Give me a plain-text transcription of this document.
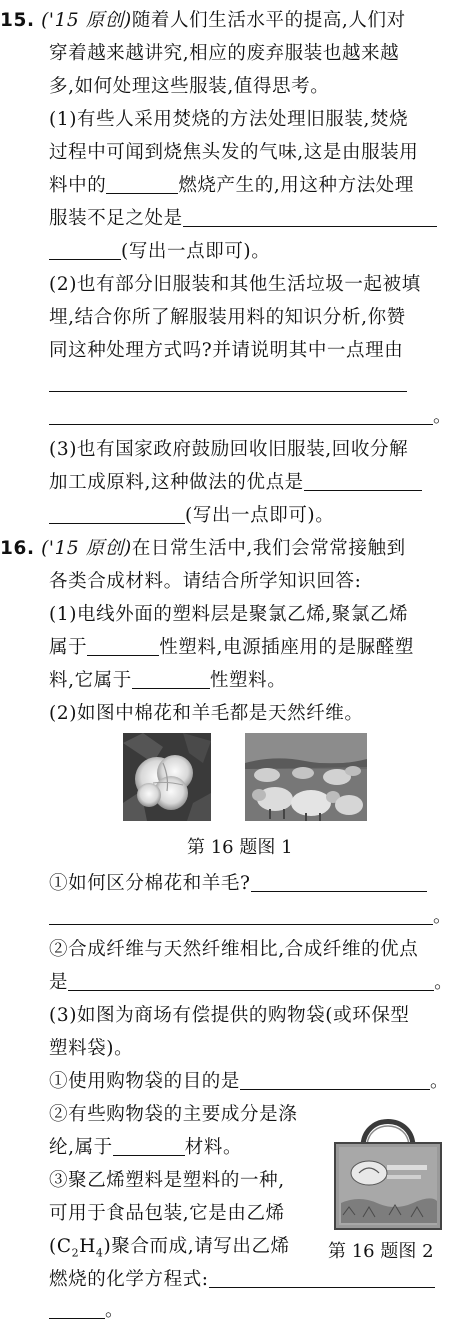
15. ('15 原创)随着人们生活水平的提高,人们对
穿着越来越讲究,相应的废弃服装也越来越
多,如何处理这些服装,值得思考。
(1)有些人采用焚烧的方法处理旧服装,焚烧
过程中可闻到烧焦头发的气味,这是由服装用
料中的	燃烧产生的,用这种方法处理
服装不足之处是
(写出一点即可)。
(2)也有部分旧服装和其他生活垃圾一起被填
埋,结合你所了解服装用料的知识分析,你赞
同这种处理方式吗?并请说明其中一点理由
。
(3)也有国家政府鼓励回收旧服装,回收分解
加工成原料,这种做法的优点是
(写出一点即可)。
16. ('15 原创)在日常生活中,我们会常常接触到
各类合成材料。请结合所学知识回答:
(1)电线外面的塑料层是聚氯乙烯,聚氯乙烯
属于	性塑料,电源插座用的是脲醛塑
料,它属于	性塑料。
(2)如图中棉花和羊毛都是天然纤维。
第 16 题图 1
①如何区分棉花和羊毛?
。
②合成纤维与天然纤维相比,合成纤维的优点
是	。
(3)如图为商场有偿提供的购物袋(或环保型
塑料袋)。
①使用购物袋的目的是	。
②有些购物袋的主要成分是涤
纶,属于	材料。
③聚乙烯塑料是塑料的一种,
可用于食品包装,它是由乙烯
$(C_2H_4)$聚合而成,请写出乙烯	第 16 题图 2
燃烧的化学方程式:
。
